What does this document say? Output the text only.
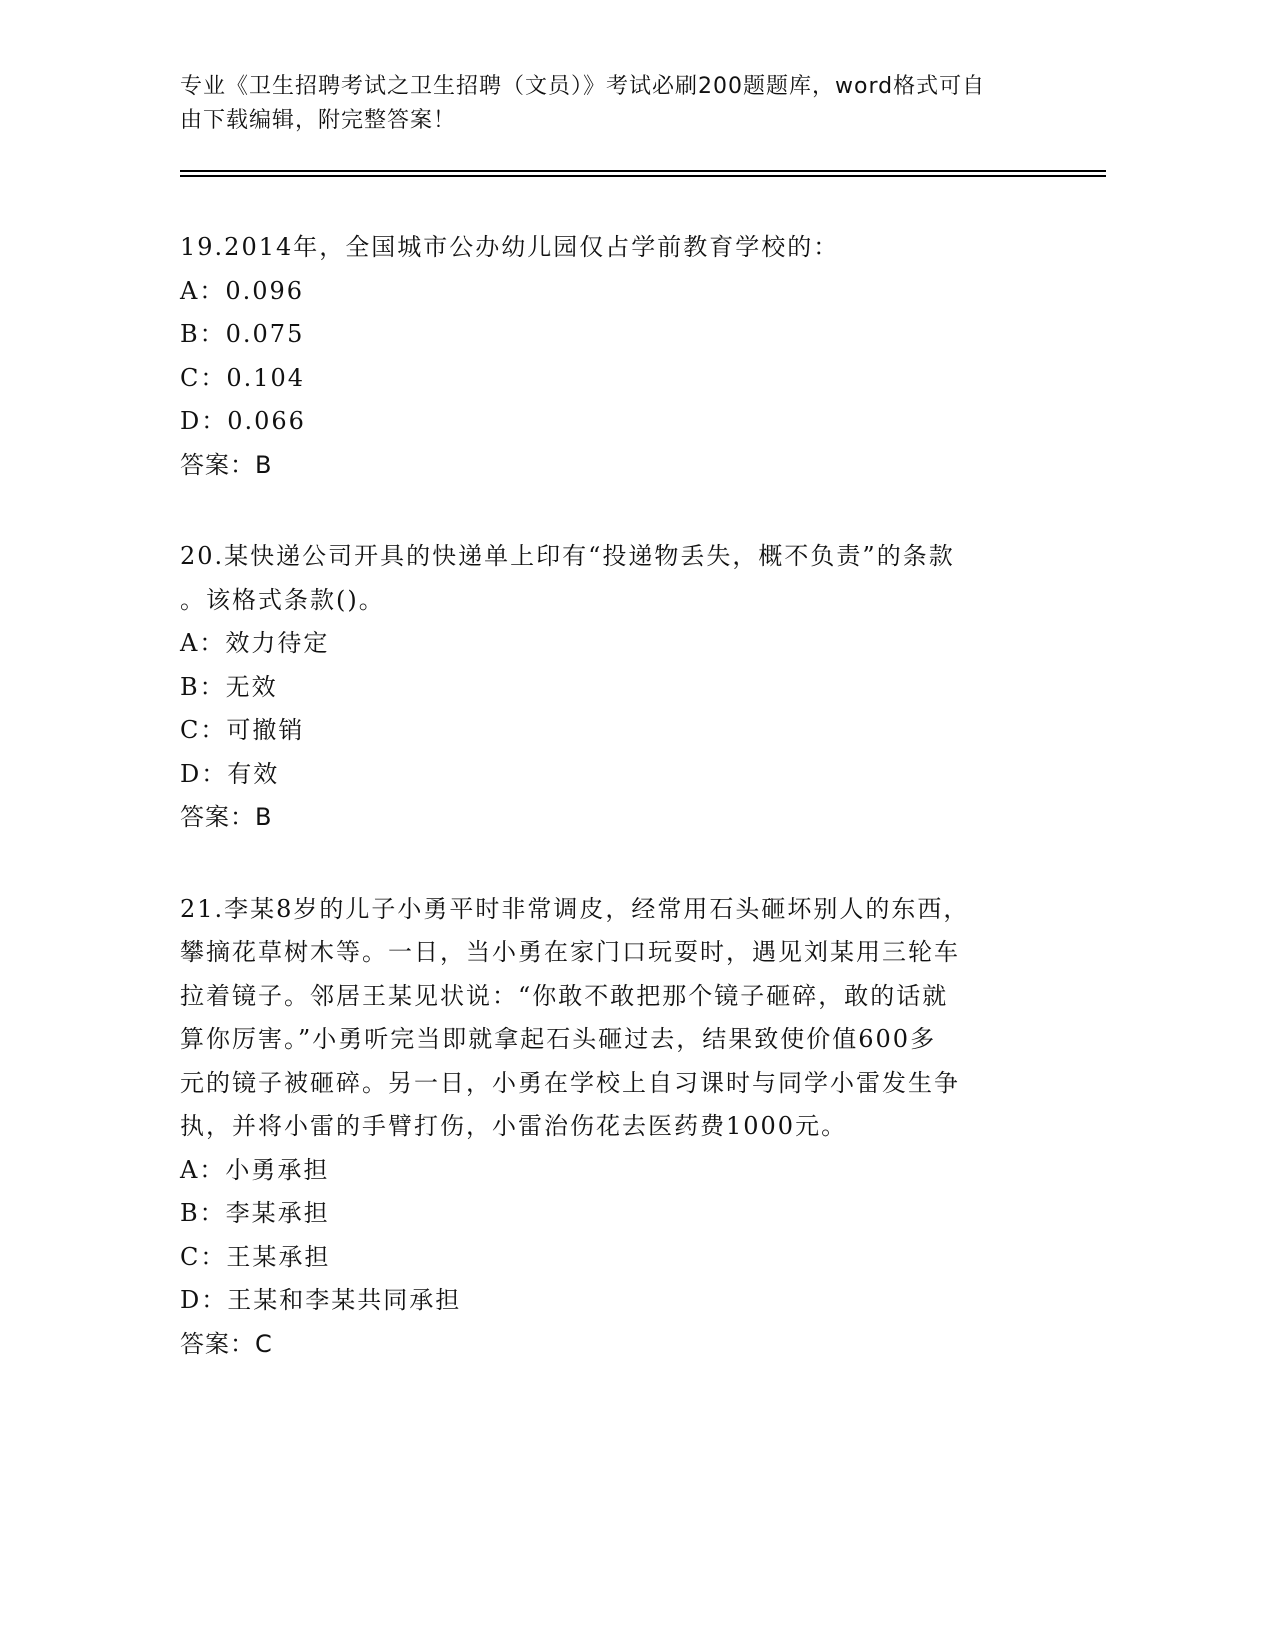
专业《卫生招聘考试之卫生招聘（文员）》考试必刷200题题库，word格式可自

由下载编辑，附完整答案！

19.2014年，全国城市公办幼儿园仅占学前教育学校的：

A：0.096

B：0.075

C：0.104

D：0.066

答案：B

20.某快递公司开具的快递单上印有“投递物丢失，概不负责”的条款

。该格式条款()。

A：效力待定

B：无效

C：可撤销

D：有效

答案：B

21.李某8岁的儿子小勇平时非常调皮，经常用石头砸坏别人的东西，

攀摘花草树木等。一日，当小勇在家门口玩耍时，遇见刘某用三轮车

拉着镜子。邻居王某见状说：“你敢不敢把那个镜子砸碎，敢的话就

算你厉害。”小勇听完当即就拿起石头砸过去，结果致使价值600多

元的镜子被砸碎。另一日，小勇在学校上自习课时与同学小雷发生争

执，并将小雷的手臂打伤，小雷治伤花去医药费1000元。

A：小勇承担

B：李某承担

C：王某承担

D：王某和李某共同承担

答案：C
